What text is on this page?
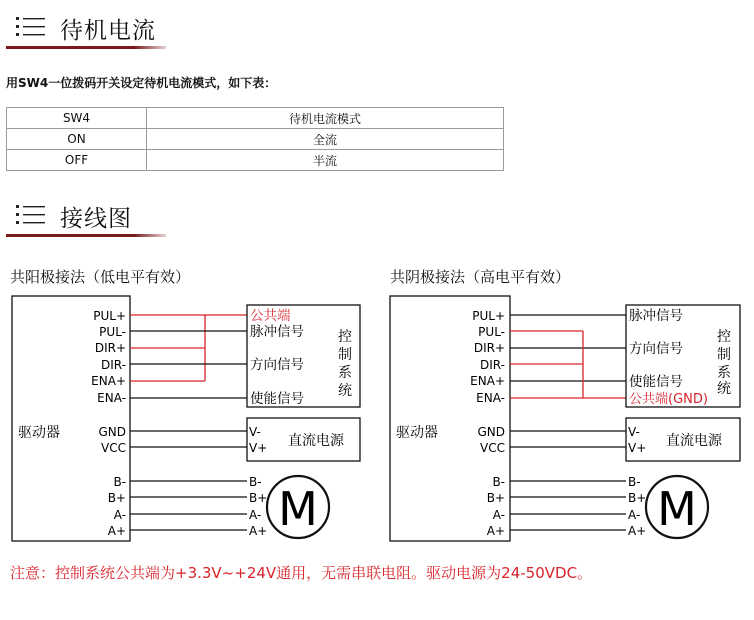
待机电流
用SW4一位拨码开关设定待机电流模式，如下表：
SW4	待机电流模式
ON	全流
OFF	半流
接线图
共阳极接法（低电平有效）	共阴极接法（高电平有效）
驱动器
PUL+
PUL-
DIR+
DIR-
ENA+
ENA-
GND
VCC
B-
B+
A-
A+
公共端
脉冲信号
方向信号
使能信号
控
制
系
统
V-
V+ 直流电源
B-
B+
A-
A+ M
驱动器
PUL+
PUL-
DIR+
DIR-
ENA+
ENA-
GND
VCC
B-
B+
A-
A+
脉冲信号
方向信号
使能信号
公共端(GND)
控
制
系
统
V-
V+ 直流电源
B-
B+
A-
A+ M
注意：控制系统公共端为+3.3V~+24V通用，无需串联电阻。驱动电源为24-50VDC。
